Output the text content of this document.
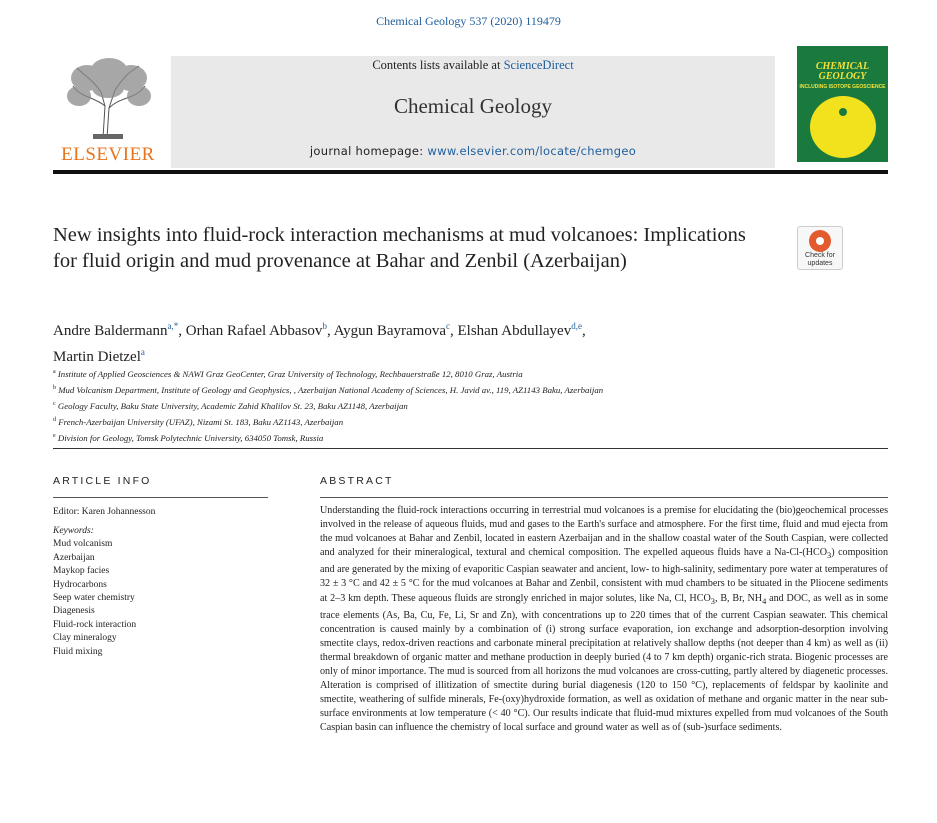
Chemical Geology 537 (2020) 119479
ELSEVIER
Contents lists available at ScienceDirect
Chemical Geology
journal homepage: www.elsevier.com/locate/chemgeo
CHEMICAL GEOLOGY
INCLUDING ISOTOPE GEOSCIENCE
New insights into fluid-rock interaction mechanisms at mud volcanoes: Implications for fluid origin and mud provenance at Bahar and Zenbil (Azerbaijan)	Check for updates
Andre Baldermann$^{a,*}$, Orhan Rafael Abbasov$^b$, Aygun Bayramova$^c$, Elshan Abdullayev$^{d,e}$,
Martin Dietzel$^a$
$^a$ Institute of Applied Geosciences & NAWI Graz GeoCenter, Graz University of Technology, Rechbauerstraße 12, 8010 Graz, Austria
$^b$ Mud Volcanism Department, Institute of Geology and Geophysics, , Azerbaijan National Academy of Sciences, H. Javid av., 119, AZ1143 Baku, Azerbaijan
$^c$ Geology Faculty, Baku State University, Academic Zahid Khalilov St. 23, Baku AZ1148, Azerbaijan
$^d$ French-Azerbaijan University (UFAZ), Nizami St. 183, Baku AZ1143, Azerbaijan
$^e$ Division for Geology, Tomsk Polytechnic University, 634050 Tomsk, Russia
ARTICLE INFO	ABSTRACT
Editor: Karen Johannesson
Keywords:
Mud volcanism
Azerbaijan
Maykop facies
Hydrocarbons
Seep water chemistry
Diagenesis
Fluid-rock interaction
Clay mineralogy
Fluid mixing
Understanding the fluid-rock interactions occurring in terrestrial mud volcanoes is a premise for elucidating the (bio)geochemical processes involved in the release of aqueous fluids, mud and gases to the Earth's surface and atmosphere. For the first time, fluid and mud ejecta from the mud volcanoes at Bahar and Zenbil, located in eastern Azerbaijan and in the shallow coastal water of the South Caspian, were collected and analyzed for their mineralogical, textural and chemical composition. The expelled aqueous fluids have a $Na-Cl-(HCO_3)$ composition and are generated by the mixing of evaporitic Caspian seawater and ancient, low- to high-salinity, sedimentary pore water at temperatures of 32 ± 3 °C and 42 ± 5 °C for the mud volcanoes at Bahar and Zenbil, consistent with mud chambers to be situated in the Pliocene sediments at 2–3 km depth. These aqueous fluids are strongly enriched in major solutes, like Na, Cl, $HCO_3$, B, Br, $NH_4$ and DOC, as well as in some trace elements (As, Ba, Cu, Fe, Li, Sr and Zn), with concentrations up to 220 times that of the current Caspian seawater. This chemical concentration is caused mainly by a combination of (i) strong surface evaporation, ion exchange and adsorption-desorption involving smectite clays, redox-driven reactions and carbonate mineral precipitation at relatively shallow depths (not deeper than 4 km) as well as (ii) thermal breakdown of organic matter and methane production in deeply buried (4 to 7 km depth) organic-rich strata. Biogenic processes are only of minor importance. The mud is sourced from all horizons the mud volcanoes are cross-cutting, partly altered by diagenetic processes. Alteration is comprised of illitization of smectite during burial diagenesis (120 to 150 °C), replacements of feldspar by kaolinite and smectite, weathering of sulfide minerals, Fe-(oxy)hydroxide formation, as well as oxidation of methane and organic matter in the near sub-surface environments at low temperature (< 40 °C). Our results indicate that fluid-mud mixtures expelled from mud volcanoes of the South Caspian basin can influence the chemistry of local surface and ground water as well as of (sub-)surface sediments.
